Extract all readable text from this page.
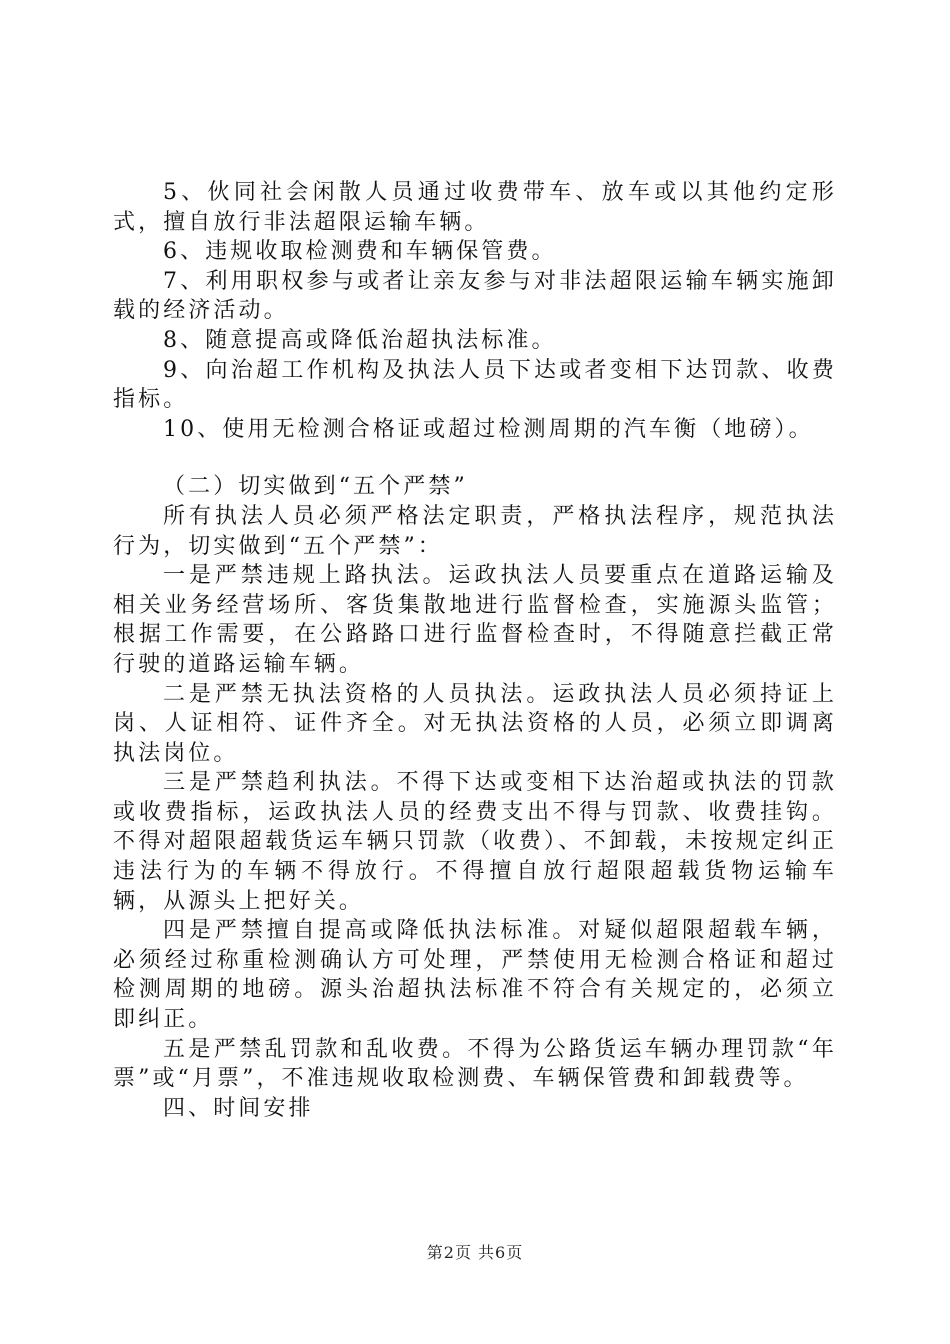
5、伙同社会闲散人员通过收费带车、放车或以其他约定形式，擅自放行非法超限运输车辆。

6、违规收取检测费和车辆保管费。

7、利用职权参与或者让亲友参与对非法超限运输车辆实施卸载的经济活动。

8、随意提高或降低治超执法标准。

9、向治超工作机构及执法人员下达或者变相下达罚款、收费指标。

10、使用无检测合格证或超过检测周期的汽车衡（地磅）。

（二）切实做到“五个严禁”

所有执法人员必须严格法定职责，严格执法程序，规范执法行为，切实做到“五个严禁”：

一是严禁违规上路执法。运政执法人员要重点在道路运输及相关业务经营场所、客货集散地进行监督检查，实施源头监管；根据工作需要，在公路路口进行监督检查时，不得随意拦截正常行驶的道路运输车辆。

二是严禁无执法资格的人员执法。运政执法人员必须持证上岗、人证相符、证件齐全。对无执法资格的人员，必须立即调离执法岗位。

三是严禁趋利执法。不得下达或变相下达治超或执法的罚款或收费指标，运政执法人员的经费支出不得与罚款、收费挂钩。不得对超限超载货运车辆只罚款（收费）、不卸载，未按规定纠正违法行为的车辆不得放行。不得擅自放行超限超载货物运输车辆，从源头上把好关。

四是严禁擅自提高或降低执法标准。对疑似超限超载车辆，必须经过称重检测确认方可处理，严禁使用无检测合格证和超过检测周期的地磅。源头治超执法标准不符合有关规定的，必须立即纠正。

五是严禁乱罚款和乱收费。不得为公路货运车辆办理罚款“年票”或“月票”，不准违规收取检测费、车辆保管费和卸载费等。

四、时间安排

第2页 共6页
